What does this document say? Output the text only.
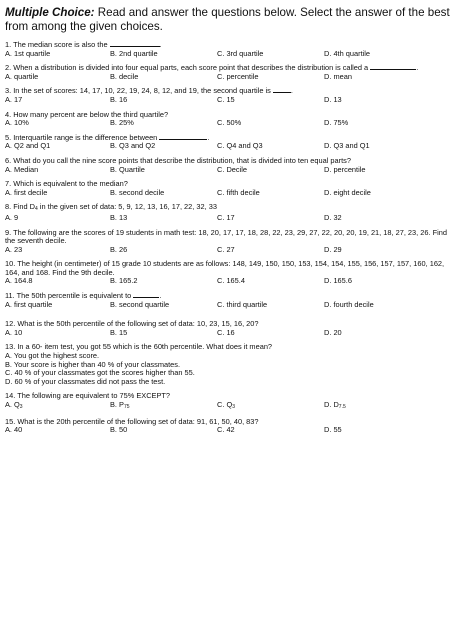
Multiple Choice: Read and answer the questions below. Select the answer of the best from among the given choices.
1. The median score is also the	.
A. 1st quartile	B. 2nd quartile	C. 3rd quartile	D. 4th quartile
2. When a distribution is divided into four equal parts, each score point that describes the distribution is called a	.
A. quartile	B. decile	C. percentile	D. mean
3. In the set of scores: 14, 17, 10, 22, 19, 24, 8, 12, and 19, the second quartile is	.
A. 17	B. 16	C. 15	D. 13
4. How many percent are below the third quartile?
A. 10%	B. 25%	C. 50%	D. 75%
5. Interquartile range is the difference between	.
A. Q2 and Q1	B. Q3 and Q2	C. Q4 and Q3	D. Q3 and Q1
6. What do you call the nine score points that describe the distribution, that is divided into ten equal parts?
A. Median	B. Quartile	C. Decile	D. percentile
7. Which is equivalent to the median?
A. first decile	B. second decile	C. fifth decile	D. eight decile
8. Find $D_4$ in the given set of data: 5, 9, 12, 13, 16, 17, 22, 32, 33
A. 9	B. 13	C. 17	D. 32
9. The following are the scores of 19 students in math test: 18, 20, 17, 17, 18, 28, 22, 23, 29, 27, 22, 20, 20, 19, 21, 18, 27, 23, 26. Find the seventh decile.
A. 23	B. 26	C. 27	D. 29
10. The height (in centimeter) of 15 grade 10 students are as follows: 148, 149, 150, 150, 153, 154, 154, 155, 156, 157, 157, 160, 162, 164, and 168. Find the 9th decile.
A. 164.8	B. 165.2	C. 165.4	D. 165.6
11. The 50th percentile is equivalent to	.
A. first quartile	B. second quartile	C. third quartile	D. fourth decile
12. What is the 50th percentile of the following set of data: 10, 23, 15, 16, 20?
A. 10	B. 15	C. 16	D. 20
13. In a 60- item test, you got 55 which is the 60th percentile. What does it mean?
A. You got the highest score.
B. Your score is higher than 40 % of your classmates.
C. 40 % of your classmates got the scores higher than 55.
D. 60 % of your classmates did not pass the test.
14. The following are equivalent to 75% EXCEPT?
A. $Q_3$	B. $P_{75}$	C. $Q_3$	D. $D_{7.5}$
15. What is the 20th percentile of the following set of data: 91, 61, 50, 40, 83?
A. 40	B. 50	C. 42	D. 55
